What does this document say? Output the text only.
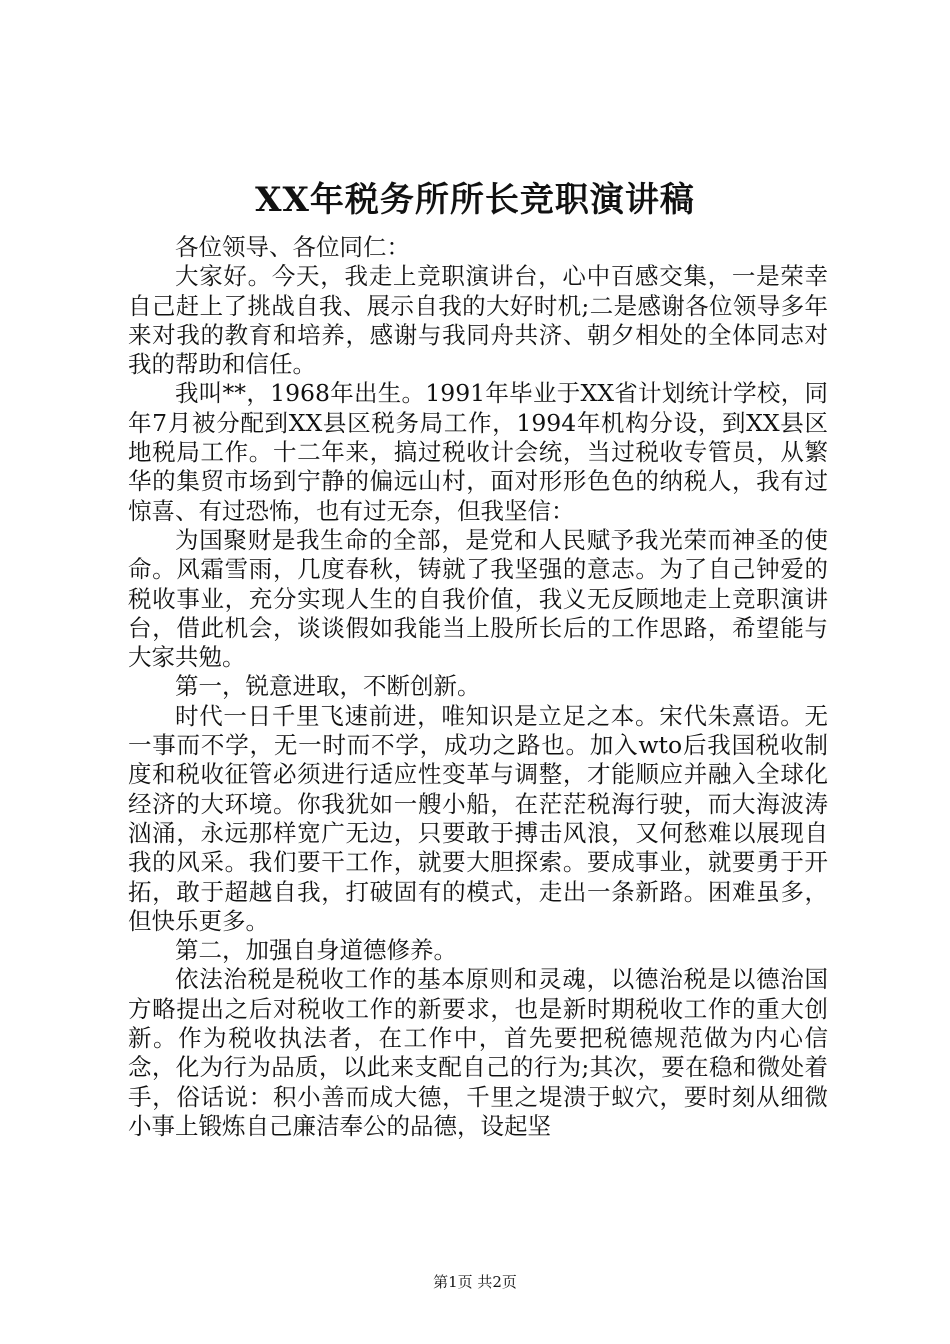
XX年税务所所长竞职演讲稿

各位领导、各位同仁：

大家好。今天，我走上竞职演讲台，心中百感交集，一是荣幸自己赶上了挑战自我、展示自我的大好时机;二是感谢各位领导多年来对我的教育和培养，感谢与我同舟共济、朝夕相处的全体同志对我的帮助和信任。

我叫**，1968年出生。1991年毕业于XX省计划统计学校，同年7月被分配到XX县区税务局工作，1994年机构分设，到XX县区地税局工作。十二年来，搞过税收计会统，当过税收专管员，从繁华的集贸市场到宁静的偏远山村，面对形形色色的纳税人，我有过惊喜、有过恐怖，也有过无奈，但我坚信：

为国聚财是我生命的全部，是党和人民赋予我光荣而神圣的使命。风霜雪雨，几度春秋，铸就了我坚强的意志。为了自己钟爱的税收事业，充分实现人生的自我价值，我义无反顾地走上竞职演讲台，借此机会，谈谈假如我能当上股所长后的工作思路，希望能与大家共勉。

第一，锐意进取，不断创新。

时代一日千里飞速前进，唯知识是立足之本。宋代朱熹语。无一事而不学，无一时而不学，成功之路也。加入wto后我国税收制度和税收征管必须进行适应性变革与调整，才能顺应并融入全球化经济的大环境。你我犹如一艘小船，在茫茫税海行驶，而大海波涛汹涌，永远那样宽广无边，只要敢于搏击风浪，又何愁难以展现自我的风采。我们要干工作，就要大胆探索。要成事业，就要勇于开拓，敢于超越自我，打破固有的模式，走出一条新路。困难虽多，但快乐更多。

第二，加强自身道德修养。

依法治税是税收工作的基本原则和灵魂，以德治税是以德治国方略提出之后对税收工作的新要求，也是新时期税收工作的重大创新。作为税收执法者，在工作中，首先要把税德规范做为内心信念，化为行为品质，以此来支配自己的行为;其次，要在稳和微处着手，俗话说：积小善而成大德，千里之堤溃于蚁穴，要时刻从细微小事上锻炼自己廉洁奉公的品德，设起坚

第1页 共2页
